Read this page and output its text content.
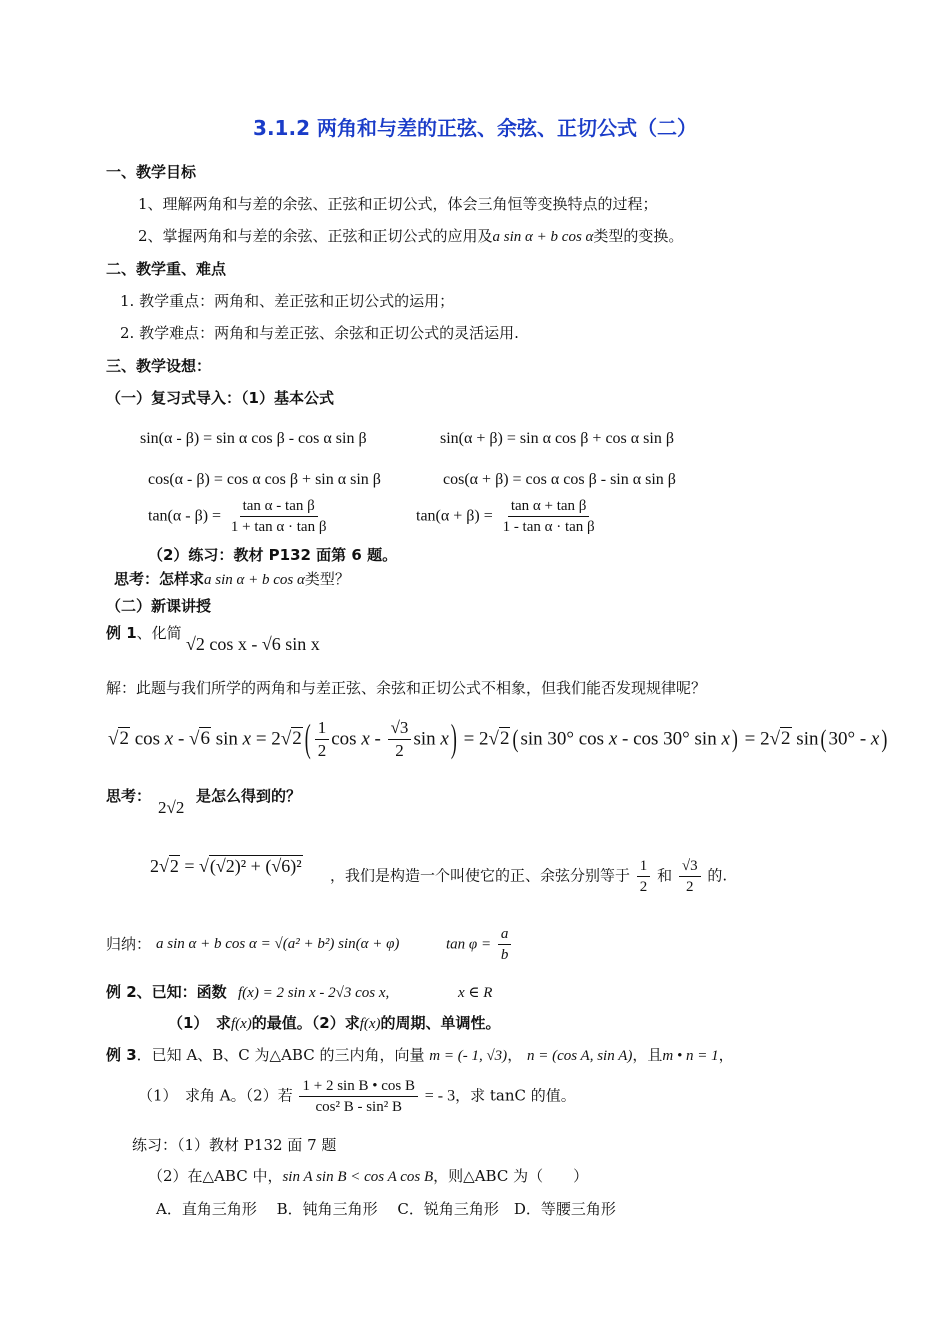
3.1.2 两角和与差的正弦、余弦、正切公式（二）
一、教学目标
1、理解两角和与差的余弦、正弦和正切公式，体会三角恒等变换特点的过程；
2、掌握两角和与差的余弦、正弦和正切公式的应用及a sin α + b cos α类型的变换。
二、教学重、难点
1. 教学重点：两角和、差正弦和正切公式的运用；
2. 教学难点：两角和与差正弦、余弦和正切公式的灵活运用.
三、教学设想：
（一）复习式导入：（1）基本公式
sin(α - β) = sin α cos β - cos α sin β	sin(α + β) = sin α cos β + cos α sin β
cos(α - β) = cos α cos β + sin α sin β	cos(α + β) = cos α cos β - sin α sin β
$\tan(\alpha - \beta) = \frac{\text{tan α - tan β}}{\text{1 + tan α · tan β}}$	$\tan(\alpha + \beta) = \frac{\text{tan α + tan β}}{\text{1 - tan α · tan β}}$
（2）练习：教材 P132 面第 6 题。
思考：怎样求a sin α + b cos α类型？
（二）新课讲授
例 1、化简
√2 cos x - √6 sin x
解：此题与我们所学的两角和与差正弦、余弦和正切公式不相象，但我们能否发现规律呢？
√2 cos x - √6 sin x = 2√2 ( $\frac{1}{2}$ cos x - $\frac{√3}{2}$ sin x ) = 2√2 ( sin 30° cos x - cos 30° sin x ) = 2√2 sin ( 30° - x )
思考：
2√2
是怎么得到的？
2√2 = √(√2)² + (√6)² ，我们是构造一个叫使它的正、余弦分别等于 $\frac{1}{2}$ 和 $\frac{√3}{2}$ 的.
归纳： a sin α + b cos α = √(a² + b²) sin(α + φ)	$\tan \varphi = \frac{a}{b}$
例 2、已知：函数 f(x) = 2 sin x - 2√3 cos x,	x ∈ R
（1）　求f(x)的最值。（2）求f(x)的周期、单调性。
例 3．已知 A、B、C 为△ABC 的三内角，向量 m = (- 1, √3)， n = (cos A, sin A)，且m • n = 1，
（1）　求角 A。（2）若 $\frac{\text{1 + 2 sin B • cos B}}{\text{cos² B - sin² B}}$ = - 3，求 tanC 的值。
练习：（1）教材 P132 面 7 题
（2）在△ABC 中，sin A sin B < cos A cos B，则△ABC 为（　　）
A．直角三角形　 B．钝角三角形　 C．锐角三角形　D．等腰三角形
